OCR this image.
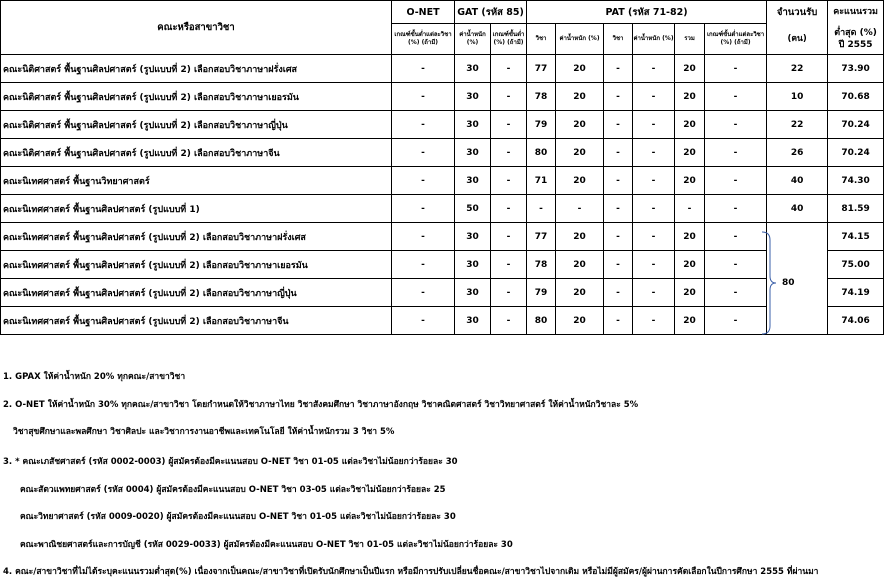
คณะหรือสาขาวิชา	O-NET	GAT (รหัส 85)		PAT (รหัส 71-82)						จำนวนรับ	คะแนนรวม
	เกณฑ์ขั้นต่ำแต่ละวิชา (%) (ถ้ามี)	ค่าน้ำหนัก (%)	เกณฑ์ขั้นต่ำ (%) (ถ้ามี)	วิชา	ค่าน้ำหนัก (%)	วิชา	ค่าน้ำหนัก (%)	รวม	เกณฑ์ขั้นต่ำแต่ละวิชา (%) (ถ้ามี)	(คน)	ต่ำสุด (%)
ปี 2555

คณะนิติศาสตร์ พื้นฐานศิลปศาสตร์ (รูปแบบที่ 2) เลือกสอบวิชาภาษาฝรั่งเศส	-	30	-	77	20	-	-	20	-	22	73.90
คณะนิติศาสตร์ พื้นฐานศิลปศาสตร์ (รูปแบบที่ 2) เลือกสอบวิชาภาษาเยอรมัน	-	30	-	78	20	-	-	20	-	10	70.68
คณะนิติศาสตร์ พื้นฐานศิลปศาสตร์ (รูปแบบที่ 2) เลือกสอบวิชาภาษาญี่ปุ่น	-	30	-	79	20	-	-	20	-	22	70.24
คณะนิติศาสตร์ พื้นฐานศิลปศาสตร์ (รูปแบบที่ 2) เลือกสอบวิชาภาษาจีน	-	30	-	80	20	-	-	20	-	26	70.24
คณะนิเทศศาสตร์ พื้นฐานวิทยาศาสตร์	-	30	-	71	20	-	-	20	-	40	74.30
คณะนิเทศศาสตร์ พื้นฐานศิลปศาสตร์ (รูปแบบที่ 1)	-	50	-	-	-	-	-	-	-	40	81.59
คณะนิเทศศาสตร์ พื้นฐานศิลปศาสตร์ (รูปแบบที่ 2) เลือกสอบวิชาภาษาฝรั่งเศส	-	30	-	77	20	-	-	20	-		74.15
คณะนิเทศศาสตร์ พื้นฐานศิลปศาสตร์ (รูปแบบที่ 2) เลือกสอบวิชาภาษาเยอรมัน	-	30	-	78	20	-	-	20	-		75.00
คณะนิเทศศาสตร์ พื้นฐานศิลปศาสตร์ (รูปแบบที่ 2) เลือกสอบวิชาภาษาญี่ปุ่น	-	30	-	79	20	-	-	20	-		74.19
คณะนิเทศศาสตร์ พื้นฐานศิลปศาสตร์ (รูปแบบที่ 2) เลือกสอบวิชาภาษาจีน	-	30	-	80	20	-	-	20	-		74.06
80
1. GPAX ให้ค่าน้ำหนัก 20% ทุกคณะ/สาขาวิชา
2. O-NET ให้ค่าน้ำหนัก 30% ทุกคณะ/สาขาวิชา โดยกำหนดให้วิชาภาษาไทย วิชาสังคมศึกษา วิชาภาษาอังกฤษ วิชาคณิตศาสตร์ วิชาวิทยาศาสตร์ ให้ค่าน้ำหนักวิชาละ 5%
วิชาสุขศึกษาและพลศึกษา วิชาศิลปะ และวิชาการงานอาชีพและเทคโนโลยี ให้ค่าน้ำหนักรวม 3 วิชา 5%
3. * คณะเภสัชศาสตร์ (รหัส 0002-0003) ผู้สมัครต้องมีคะแนนสอบ O-NET วิชา 01-05 แต่ละวิชาไม่น้อยกว่าร้อยละ 30
คณะสัตวแพทยศาสตร์ (รหัส 0004) ผู้สมัครต้องมีคะแนนสอบ O-NET วิชา 03-05 แต่ละวิชาไม่น้อยกว่าร้อยละ 25
คณะวิทยาศาสตร์ (รหัส 0009-0020) ผู้สมัครต้องมีคะแนนสอบ O-NET วิชา 01-05 แต่ละวิชาไม่น้อยกว่าร้อยละ 30
คณะพาณิชยศาสตร์และการบัญชี (รหัส 0029-0033) ผู้สมัครต้องมีคะแนนสอบ O-NET วิชา 01-05 แต่ละวิชาไม่น้อยกว่าร้อยละ 30
4. คณะ/สาขาวิชาที่ไม่ได้ระบุคะแนนรวมต่ำสุด(%) เนื่องจากเป็นคณะ/สาขาวิชาที่เปิดรับนักศึกษาเป็นปีแรก หรือมีการปรับเปลี่ยนชื่อคณะ/สาขาวิชาไปจากเดิม หรือไม่มีผู้สมัคร/ผู้ผ่านการคัดเลือกในปีการศึกษา 2555 ที่ผ่านมา
